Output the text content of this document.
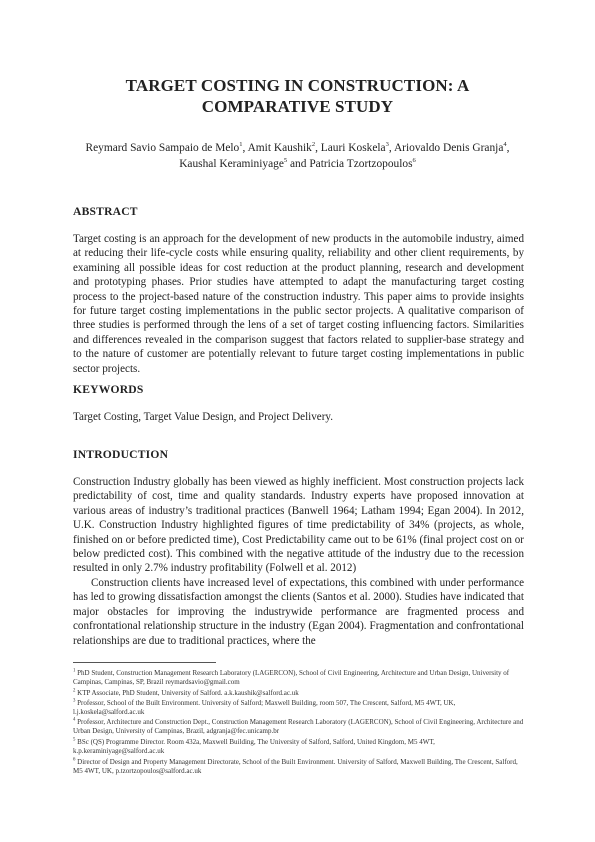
TARGET COSTING IN CONSTRUCTION: A
COMPARATIVE STUDY
Reymard Savio Sampaio de Melo$^1$, Amit Kaushik$^2$, Lauri Koskela$^3$, Ariovaldo Denis Granja$^4$,
Kaushal Keraminiyage$^5$ and Patricia Tzortzopoulos$^6$
ABSTRACT

Target costing is an approach for the development of new products in the automobile industry, aimed at reducing their life-cycle costs while ensuring quality, reliability and other client requirements, by examining all possible ideas for cost reduction at the product planning, research and development and prototyping phases. Prior studies have attempted to adapt the manufacturing target costing process to the project-based nature of the construction industry. This paper aims to provide insights for future target costing implementations in the public sector projects. A qualitative comparison of three studies is performed through the lens of a set of target costing influencing factors. Similarities and differences revealed in the comparison suggest that factors related to supplier-base strategy and to the nature of customer are potentially relevant to future target costing implementations in public sector projects.

KEYWORDS

Target Costing, Target Value Design, and Project Delivery.

INTRODUCTION

Construction Industry globally has been viewed as highly inefficient. Most construction projects lack predictability of cost, time and quality standards. Industry experts have proposed innovation at various areas of industry’s traditional practices (Banwell 1964; Latham 1994; Egan 2004). In 2012, U.K. Construction Industry highlighted figures of time predictability of 34% (projects, as whole, finished on or before predicted time), Cost Predictability came out to be 61% (final project cost on or below predicted cost). This combined with the negative attitude of the industry due to the recession resulted in only 2.7% industry profitability (Folwell et al. 2012)

Construction clients have increased level of expectations, this combined with under performance has led to growing dissatisfaction amongst the clients (Santos et al. 2000). Studies have indicated that major obstacles for improving the industrywide performance are fragmented process and confrontational relationship structure in the industry (Egan 2004). Fragmentation and confrontational relationships are due to traditional practices, where the

$^1$ PhD Student, Construction Management Research Laboratory (LAGERCON), School of Civil Engineering, Architecture and Urban Design, University of Campinas, Campinas, SP, Brazil reymardsavio@gmail.com

$^2$ KTP Associate, PhD Student, University of Salford. a.k.kaushik@salford.ac.uk

$^3$ Professor, School of the Built Environment. University of Salford; Maxwell Building, room 507, The Crescent, Salford, M5 4WT, UK, l.j.koskela@salford.ac.uk

$^4$ Professor, Architecture and Construction Dept., Construction Management Research Laboratory (LAGERCON), School of Civil Engineering, Architecture and Urban Design, University of Campinas, Brazil, adgranja@fec.unicamp.br

$^5$ BSc (QS) Programme Director. Room 432a, Maxwell Building, The University of Salford, Salford, United Kingdom, M5 4WT, k.p.keraminiyage@salford.ac.uk

$^6$ Director of Design and Property Management Directorate, School of the Built Environment. University of Salford, Maxwell Building, The Crescent, Salford, M5 4WT, UK, p.tzortzopoulos@salford.ac.uk
